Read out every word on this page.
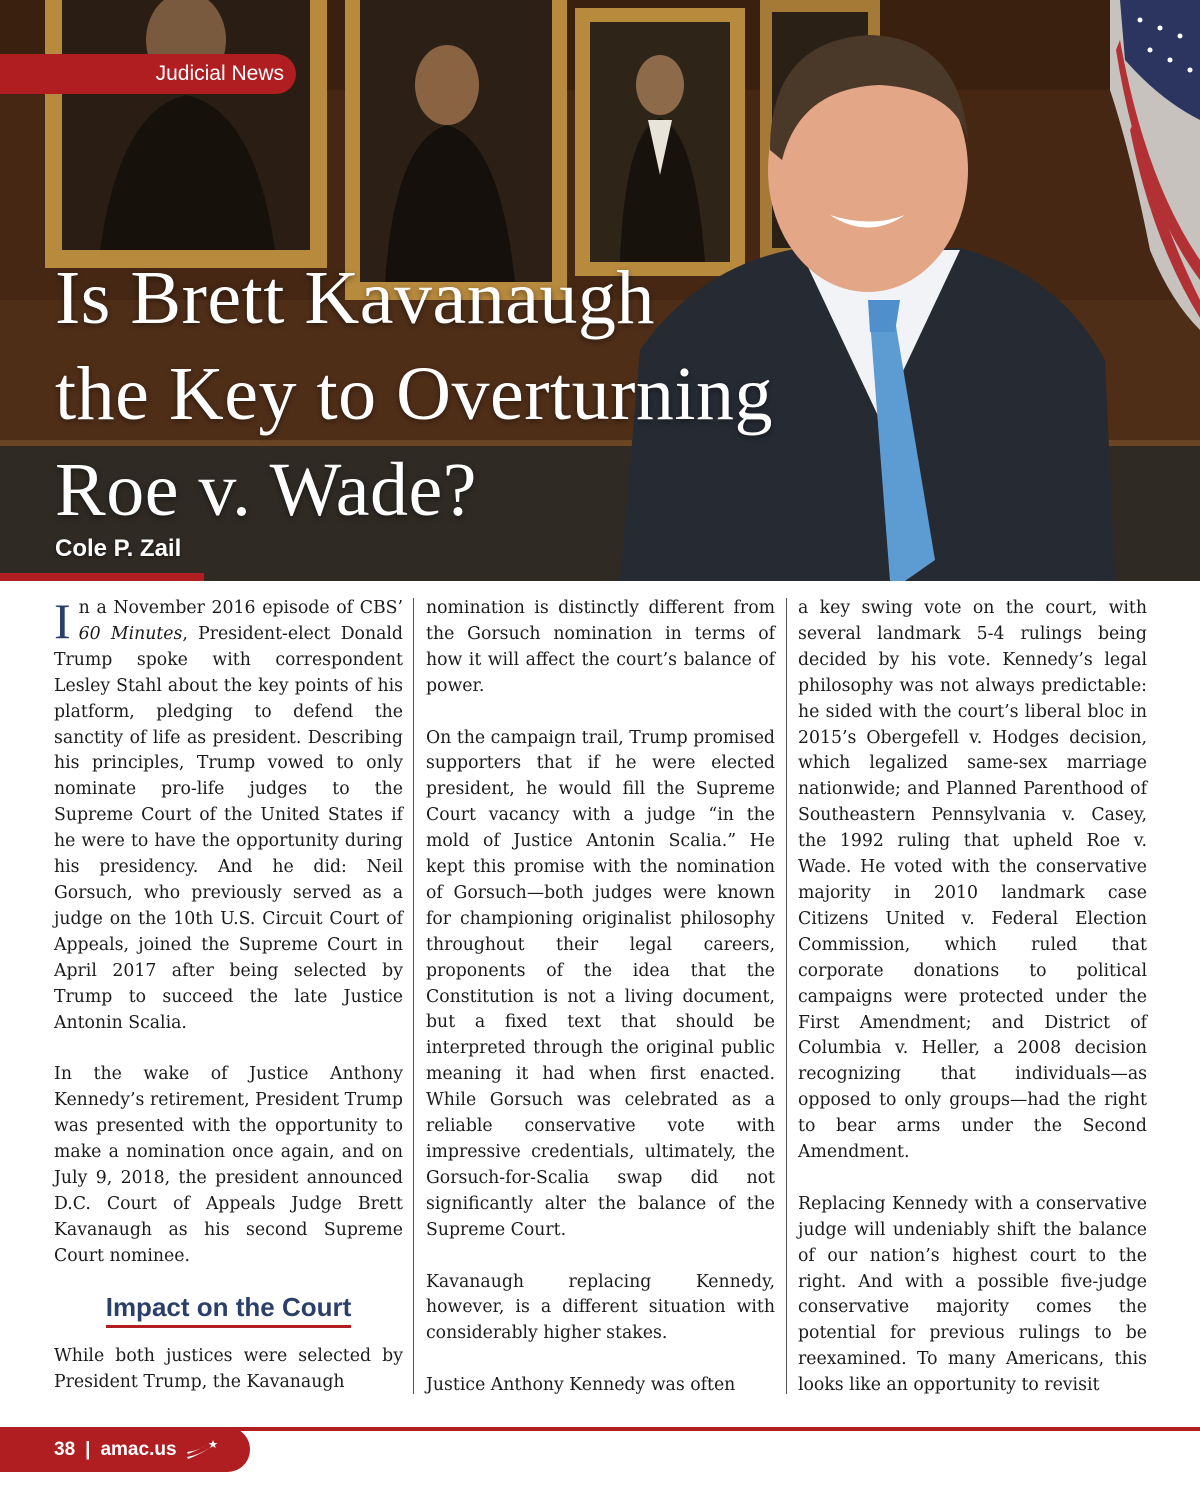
Judicial News
Is Brett Kavanaugh
the Key to Overturning
Roe v. Wade?
Cole P. Zail

In a November 2016 episode of CBS’ 60 Minutes, President-elect Donald Trump spoke with correspondent Lesley Stahl about the key points of his platform, pledging to defend the sanctity of life as president. Describing his principles, Trump vowed to only nominate pro-life judges to the Supreme Court of the United States if he were to have the opportunity during his presidency. And he did: Neil Gorsuch, who previously served as a judge on the 10th U.S. Circuit Court of Appeals, joined the Supreme Court in April 2017 after being selected by Trump to succeed the late Justice Antonin Scalia.

In the wake of Justice Anthony Kennedy’s retirement, President Trump was presented with the opportunity to make a nomination once again, and on July 9, 2018, the president announced D.C. Court of Appeals Judge Brett Kavanaugh as his second Supreme Court nominee.

Impact on the Court

While both justices were selected by President Trump, the Kavanaugh

nomination is distinctly different from the Gorsuch nomination in terms of how it will affect the court’s balance of power.

On the campaign trail, Trump promised supporters that if he were elected president, he would fill the Supreme Court vacancy with a judge “in the mold of Justice Antonin Scalia.” He kept this promise with the nomination of Gorsuch—both judges were known for championing originalist philosophy throughout their legal careers, proponents of the idea that the Constitution is not a living document, but a fixed text that should be interpreted through the original public meaning it had when first enacted. While Gorsuch was celebrated as a reliable conservative vote with impressive credentials, ultimately, the Gorsuch-for-Scalia swap did not significantly alter the balance of the Supreme Court.

Kavanaugh replacing Kennedy, however, is a different situation with considerably higher stakes.

Justice Anthony Kennedy was often

a key swing vote on the court, with several landmark 5-4 rulings being decided by his vote. Kennedy’s legal philosophy was not always predictable: he sided with the court’s liberal bloc in 2015’s Obergefell v. Hodges decision, which legalized same-sex marriage nationwide; and Planned Parenthood of Southeastern Pennsylvania v. Casey, the 1992 ruling that upheld Roe v. Wade. He voted with the conservative majority in 2010 landmark case Citizens United v. Federal Election Commission, which ruled that corporate donations to political campaigns were protected under the First Amendment; and District of Columbia v. Heller, a 2008 decision recognizing that individuals—as opposed to only groups—had the right to bear arms under the Second Amendment.

Replacing Kennedy with a conservative judge will undeniably shift the balance of our nation’s highest court to the right. And with a possible five-judge conservative majority comes the potential for previous rulings to be reexamined. To many Americans, this looks like an opportunity to revisit

38 | amac.us
